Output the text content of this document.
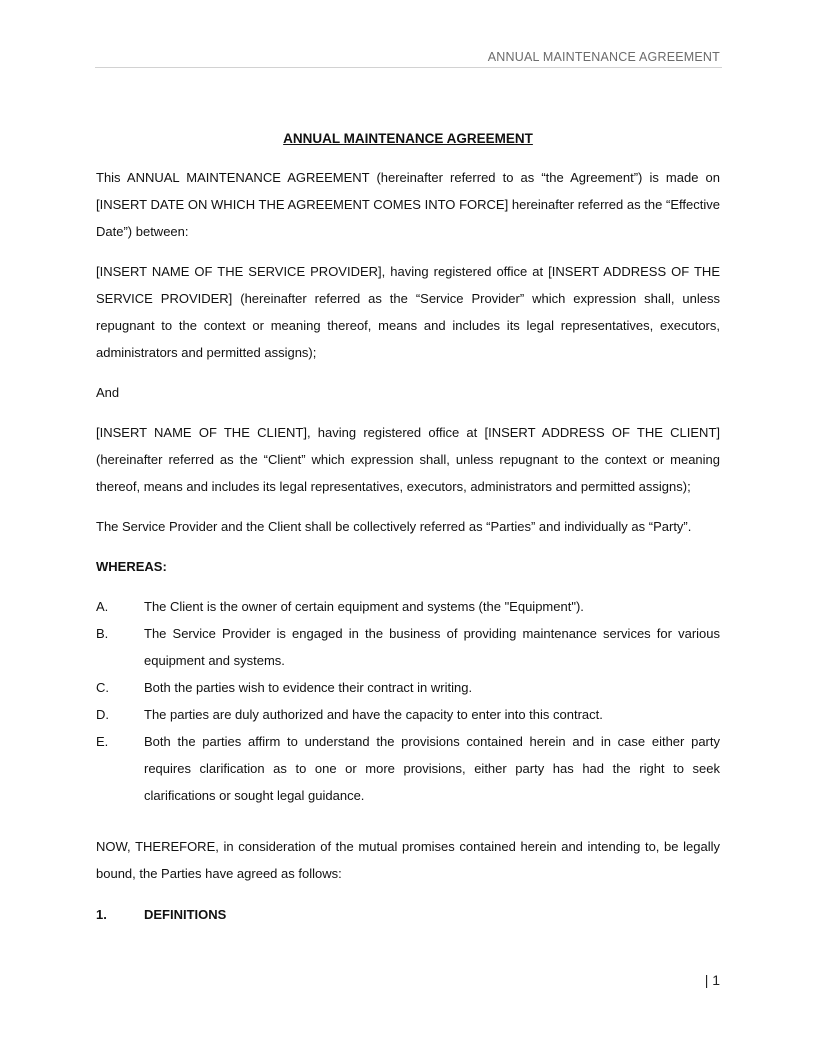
ANNUAL MAINTENANCE AGREEMENT
ANNUAL MAINTENANCE AGREEMENT

This ANNUAL MAINTENANCE AGREEMENT (hereinafter referred to as “the Agreement”) is made on [INSERT DATE ON WHICH THE AGREEMENT COMES INTO FORCE] hereinafter referred as the “Effective Date”) between:

[INSERT NAME OF THE SERVICE PROVIDER], having registered office at [INSERT ADDRESS OF THE SERVICE PROVIDER] (hereinafter referred as the “Service Provider” which expression shall, unless repugnant to the context or meaning thereof, means and includes its legal representatives, executors, administrators and permitted assigns);

And

[INSERT NAME OF THE CLIENT], having registered office at [INSERT ADDRESS OF THE CLIENT] (hereinafter referred as the “Client” which expression shall, unless repugnant to the context or meaning thereof, means and includes its legal representatives, executors, administrators and permitted assigns);

The Service Provider and the Client shall be collectively referred as “Parties” and individually as “Party”.

WHEREAS:
A.	The Client is the owner of certain equipment and systems (the "Equipment").
B.	The Service Provider is engaged in the business of providing maintenance services for various equipment and systems.
C.	Both the parties wish to evidence their contract in writing.
D.	The parties are duly authorized and have the capacity to enter into this contract.
E.	Both the parties affirm to understand the provisions contained herein and in case either party requires clarification as to one or more provisions, either party has had the right to seek clarifications or sought legal guidance.

NOW, THEREFORE, in consideration of the mutual promises contained herein and intending to, be legally bound, the Parties have agreed as follows:

1.	DEFINITIONS
| 1
